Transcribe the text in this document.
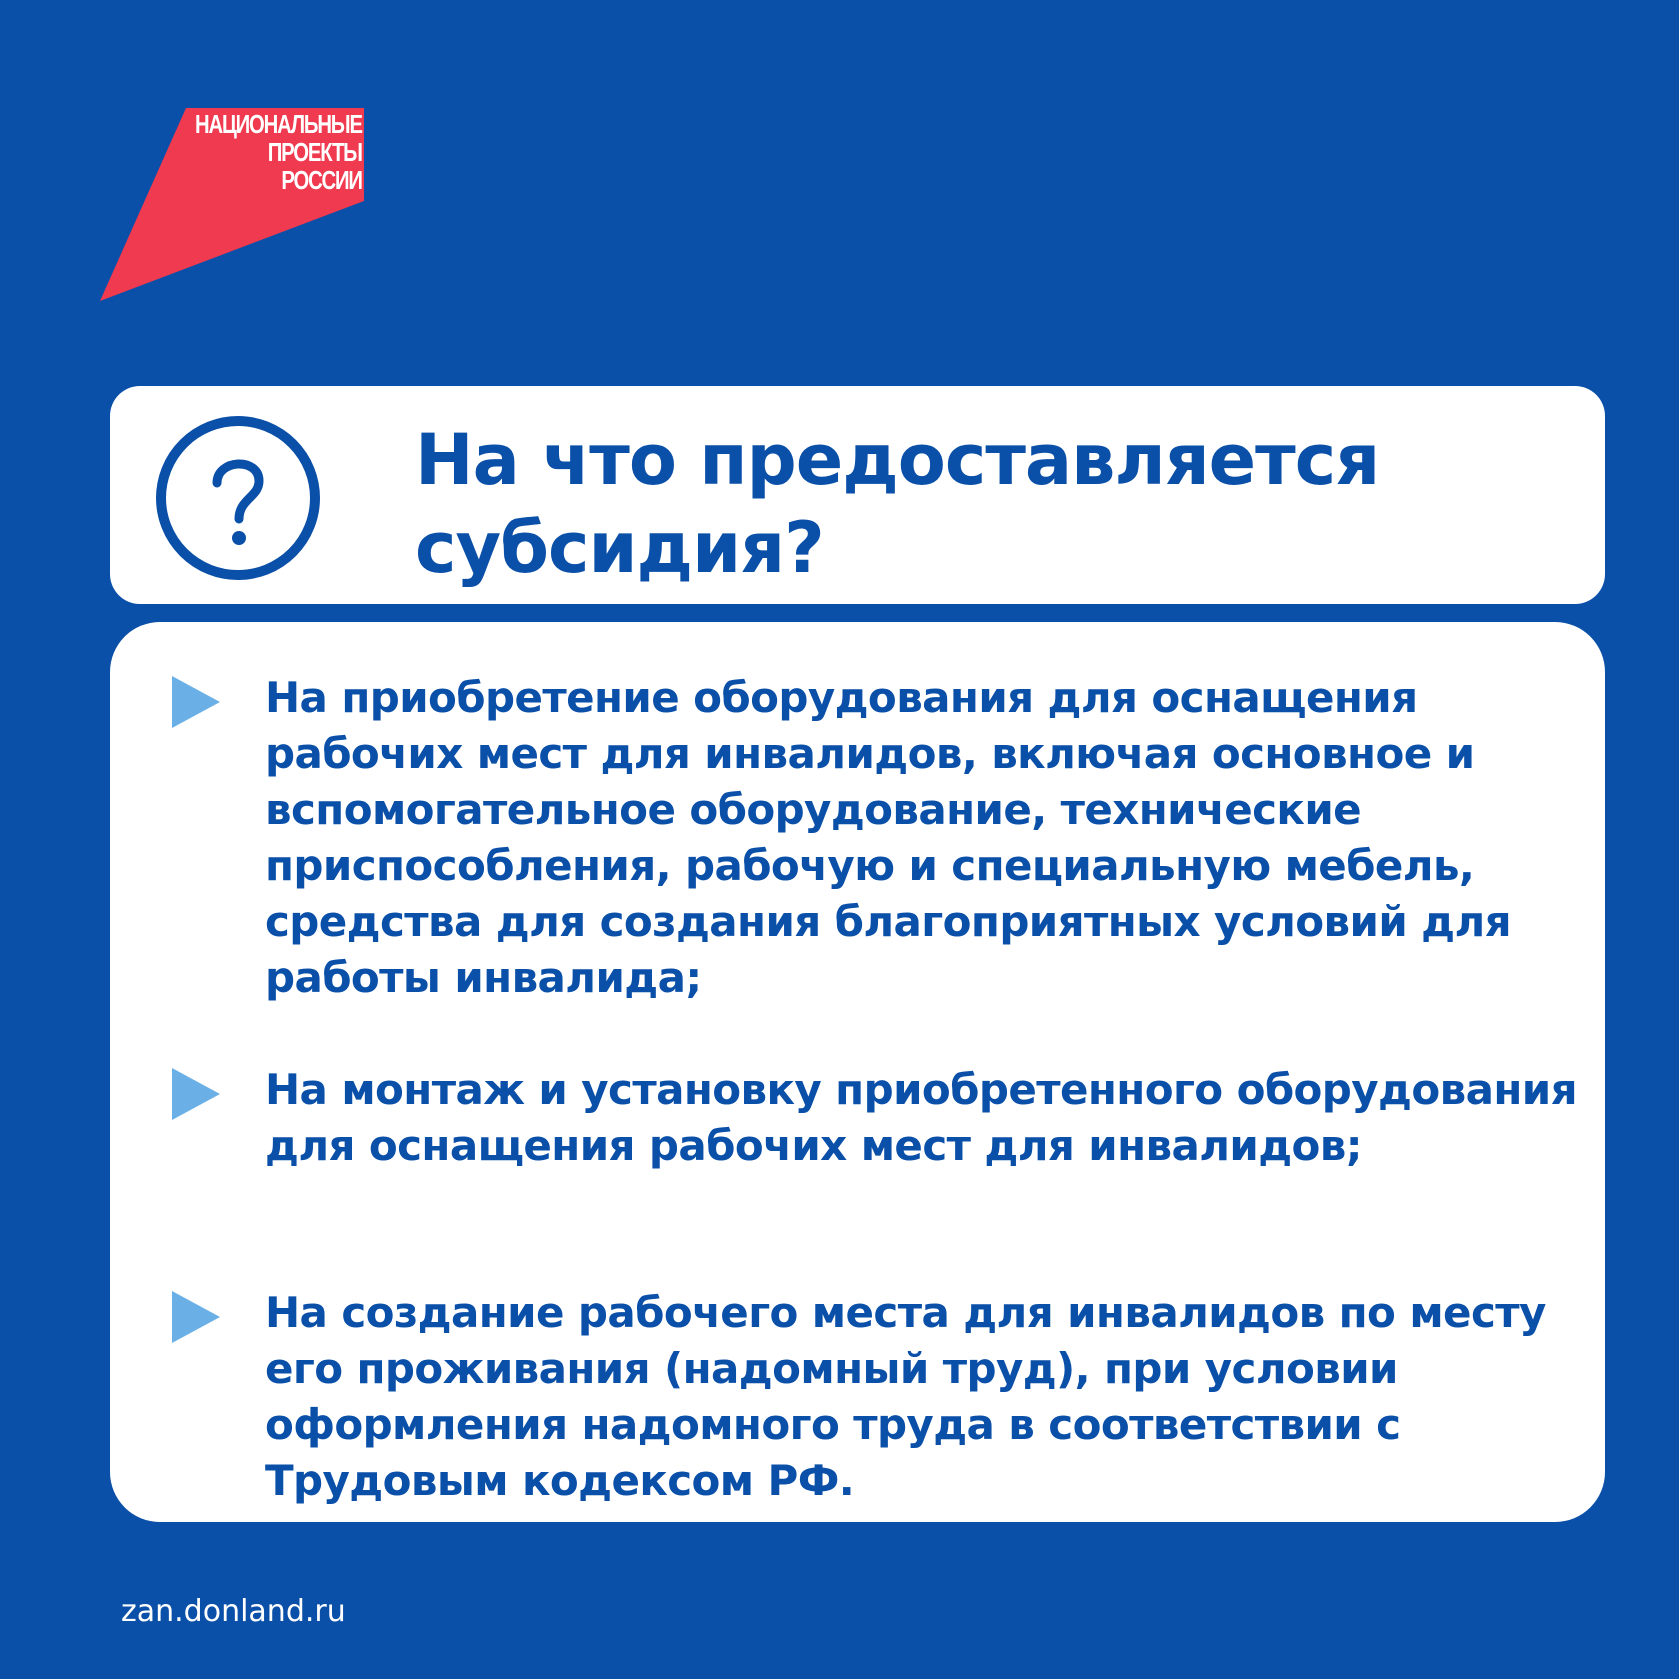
НАЦИОНАЛЬНЫЕ
ПРОЕКТЫ
РОССИИ
На что предоставляется субсидия?

На приобретение оборудования для оснащения рабочих мест для инвалидов, включая основное и вспомогательное оборудование, технические приспособления, рабочую и специальную мебель, средства для создания благоприятных условий для работы инвалида;

На монтаж и установку приобретенного оборудования для оснащения рабочих мест для инвалидов;

На создание рабочего места для инвалидов по месту его проживания (надомный труд), при условии оформления надомного труда в соответствии с Трудовым кодексом РФ.

zan.donland.ru
